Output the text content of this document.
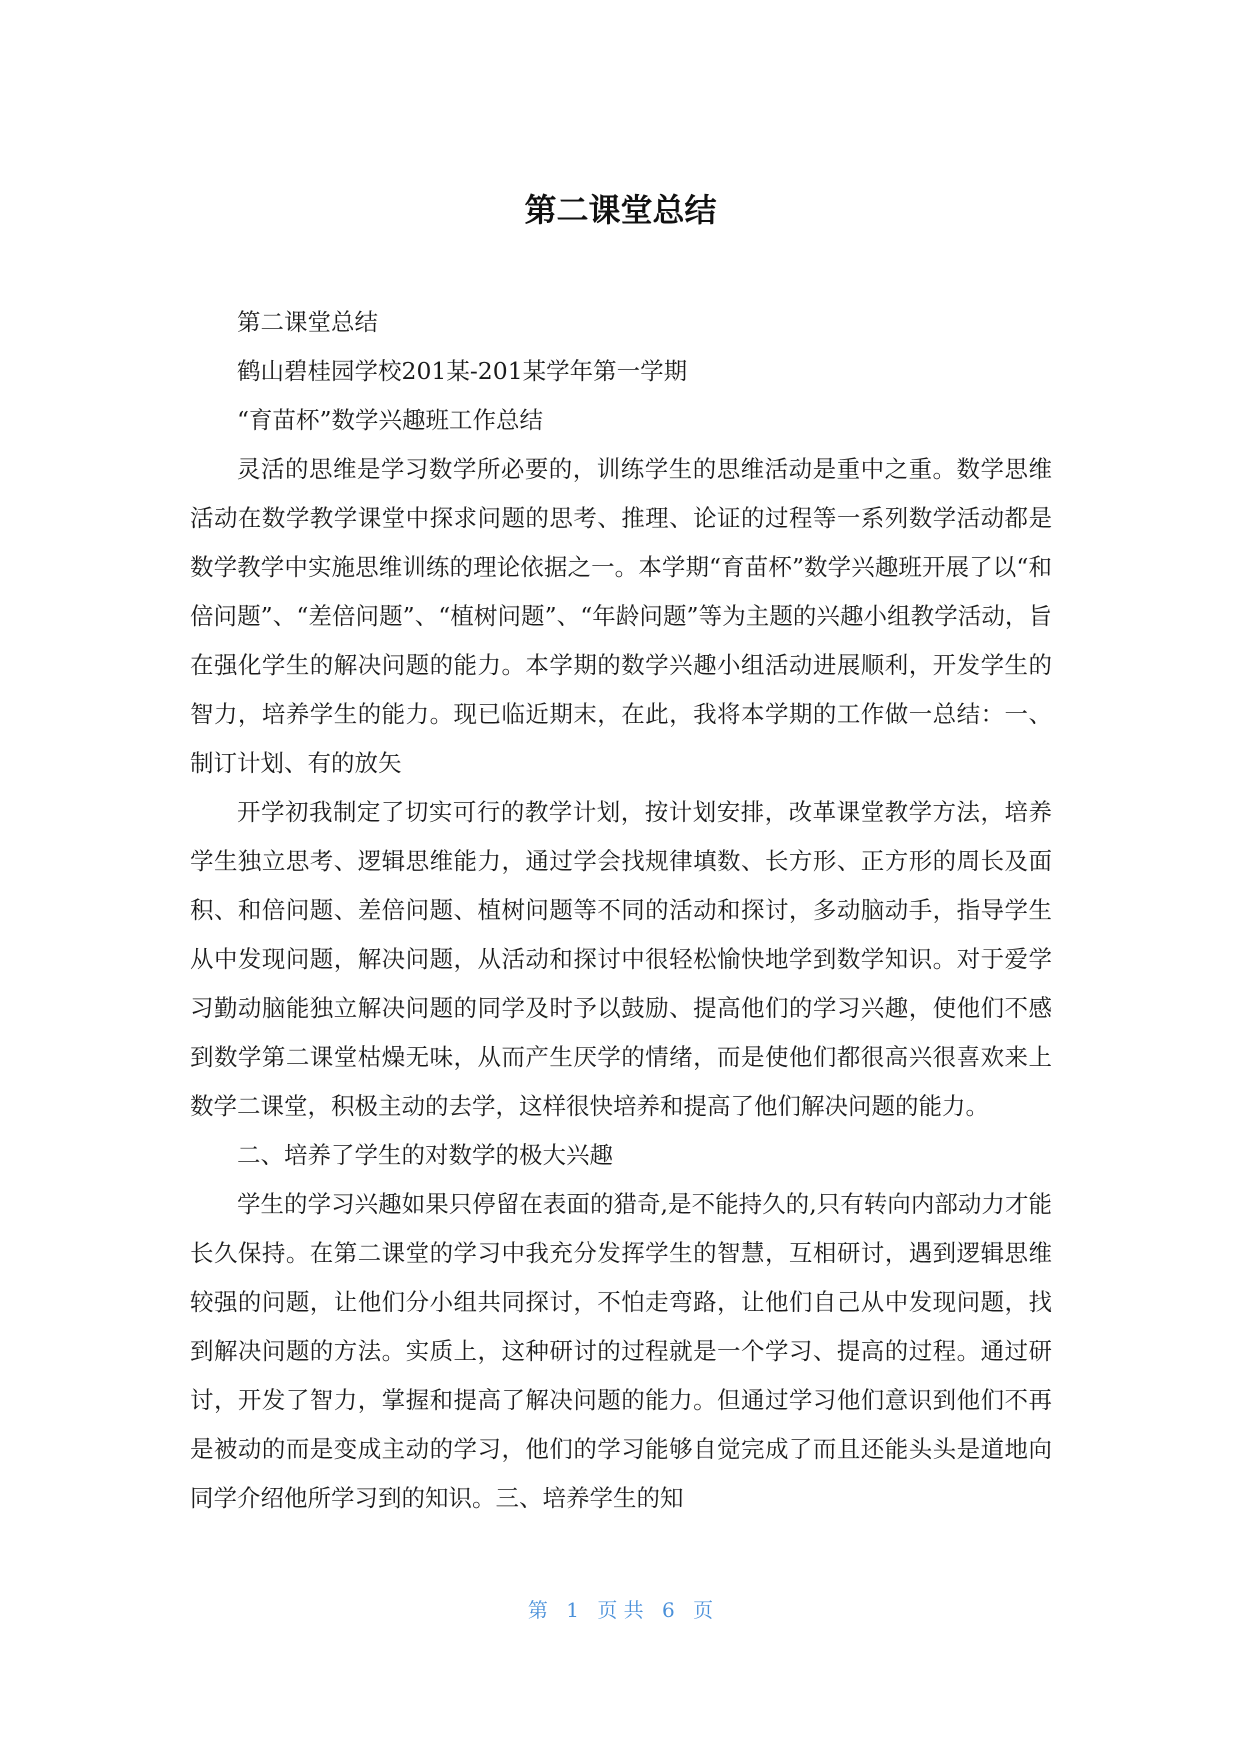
第二课堂总结

第二课堂总结

鹤山碧桂园学校201某-201某学年第一学期

“育苗杯”数学兴趣班工作总结

灵活的思维是学习数学所必要的，训练学生的思维活动是重中之重。数学思维活动在数学教学课堂中探求问题的思考、推理、论证的过程等一系列数学活动都是数学教学中实施思维训练的理论依据之一。本学期“育苗杯”数学兴趣班开展了以“和倍问题”、“差倍问题”、“植树问题”、“年龄问题”等为主题的兴趣小组教学活动，旨在强化学生的解决问题的能力。本学期的数学兴趣小组活动进展顺利，开发学生的智力，培养学生的能力。现已临近期末，在此，我将本学期的工作做一总结：一、制订计划、有的放矢

开学初我制定了切实可行的教学计划，按计划安排，改革课堂教学方法，培养学生独立思考、逻辑思维能力，通过学会找规律填数、长方形、正方形的周长及面积、和倍问题、差倍问题、植树问题等不同的活动和探讨，多动脑动手，指导学生从中发现问题，解决问题，从活动和探讨中很轻松愉快地学到数学知识。对于爱学习勤动脑能独立解决问题的同学及时予以鼓励、提高他们的学习兴趣，使他们不感到数学第二课堂枯燥无味，从而产生厌学的情绪，而是使他们都很高兴很喜欢来上数学二课堂，积极主动的去学，这样很快培养和提高了他们解决问题的能力。

二、培养了学生的对数学的极大兴趣

学生的学习兴趣如果只停留在表面的猎奇,是不能持久的,只有转向内部动力才能长久保持。在第二课堂的学习中我充分发挥学生的智慧，互相研讨，遇到逻辑思维较强的问题，让他们分小组共同探讨，不怕走弯路，让他们自己从中发现问题，找到解决问题的方法。实质上，这种研讨的过程就是一个学习、提高的过程。通过研讨，开发了智力，掌握和提高了解决问题的能力。但通过学习他们意识到他们不再是被动的而是变成主动的学习，他们的学习能够自觉完成了而且还能头头是道地向同学介绍他所学习到的知识。三、培养学生的知

第 1 页 共 6 页
